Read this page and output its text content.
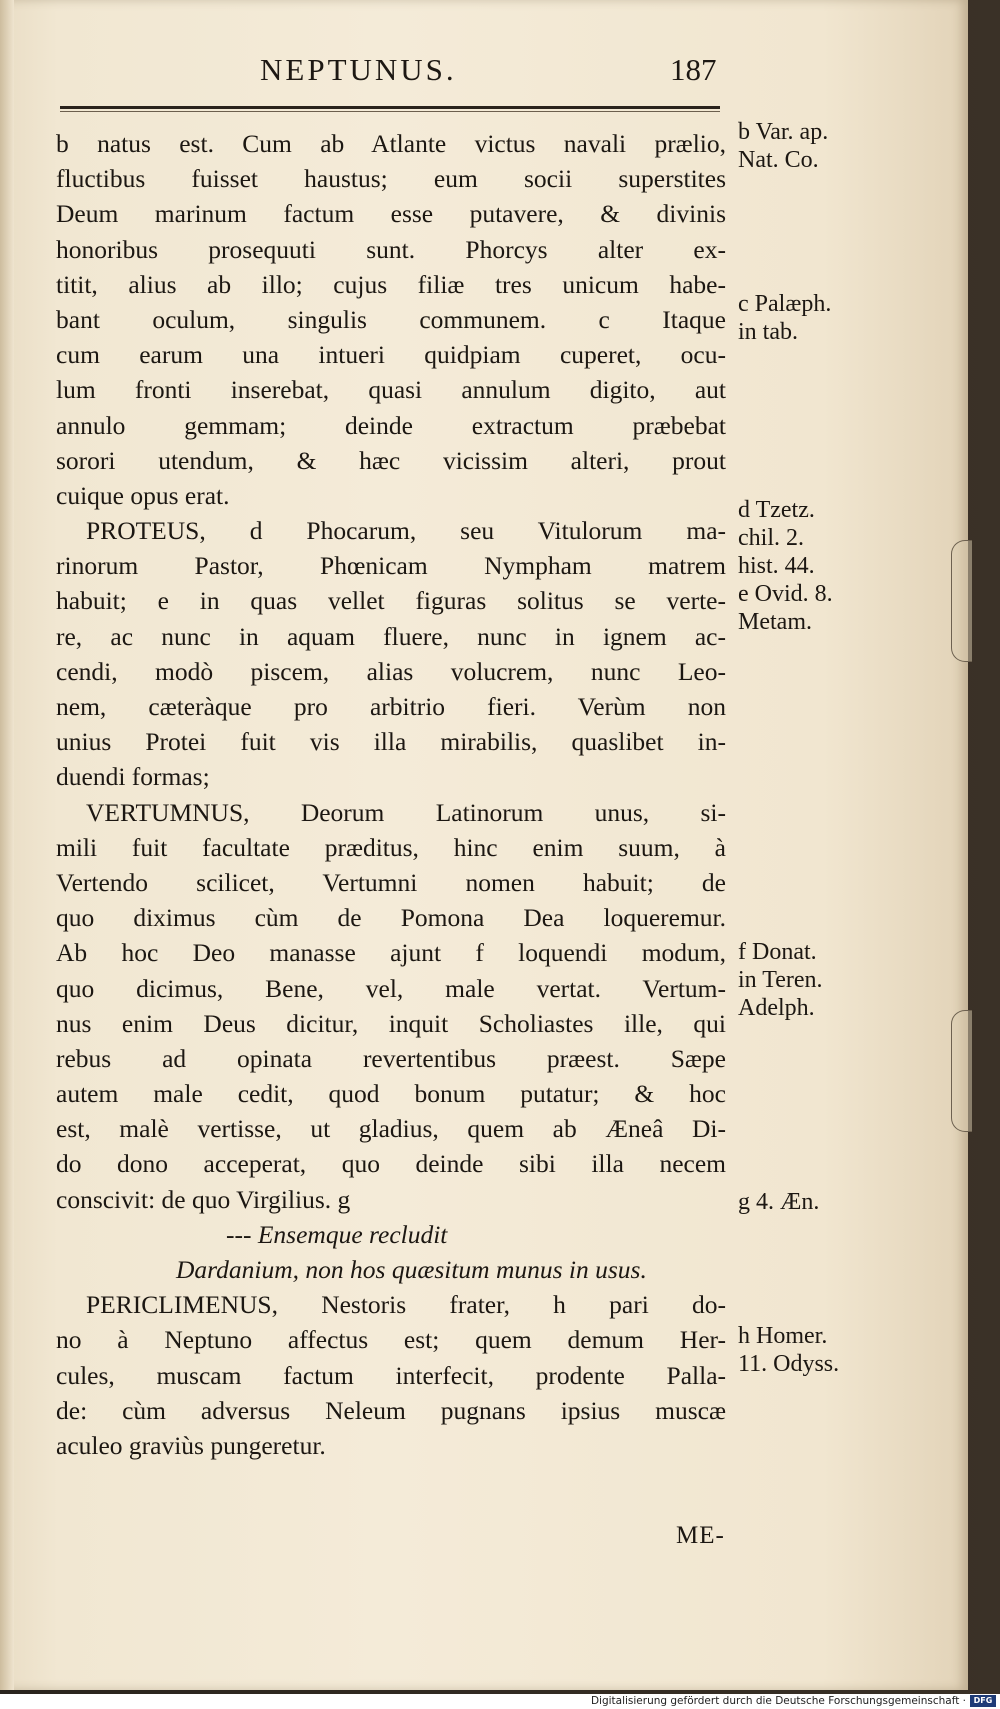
NEPTUNUS.	187
b natus est. Cum ab Atlante victus navali prælio,
fluctibus fuisset haustus; eum socii superstites
Deum marinum factum esse putavere, & divinis
honoribus prosequuti sunt. Phorcys alter ex-
titit, alius ab illo; cujus filiæ tres unicum habe-
bant oculum, singulis communem. c Itaque
cum earum una intueri quidpiam cuperet, ocu-
lum fronti inserebat, quasi annulum digito, aut
annulo gemmam; deinde extractum præbebat
sorori utendum, & hæc vicissim alteri, prout
cuique opus erat.
PROTEUS, d Phocarum, seu Vitulorum ma-
rinorum Pastor, Phœnicam Nympham matrem
habuit; e in quas vellet figuras solitus se verte-
re, ac nunc in aquam fluere, nunc in ignem ac-
cendi, modò piscem, alias volucrem, nunc Leo-
nem, cæteràque pro arbitrio fieri. Verùm non
unius Protei fuit vis illa mirabilis, quaslibet in-
duendi formas;
VERTUMNUS, Deorum Latinorum unus, si-
mili fuit facultate præditus, hinc enim suum, à
Vertendo scilicet, Vertumni nomen habuit; de
quo diximus cùm de Pomona Dea loqueremur.
Ab hoc Deo manasse ajunt f loquendi modum,
quo dicimus, Bene, vel, male vertat. Vertum-
nus enim Deus dicitur, inquit Scholiastes ille, qui
rebus ad opinata revertentibus præest. Sæpe
autem male cedit, quod bonum putatur; & hoc
est, malè vertisse, ut gladius, quem ab Æneâ Di-
do dono acceperat, quo deinde sibi illa necem
conscivit: de quo Virgilius. g
--- Ensemque recludit
Dardanium, non hos quæsitum munus in usus.
PERICLIMENUS, Nestoris frater, h pari do-
no à Neptuno affectus est; quem demum Her-
cules, muscam factum interfecit, prodente Palla-
de: cùm adversus Neleum pugnans ipsius muscæ
aculeo graviùs pungeretur.
b Var. ap.
Nat. Co.
c Palæph.
in tab.
d Tzetz.
chil. 2.
hist. 44.
e Ovid. 8.
Metam.
f Donat.
in Teren.
Adelph.
g 4. Æn.
h Homer.
11. Odyss.
ME-
Digitalisierung gefördert durch die Deutsche Forschungsgemeinschaft · DFG
